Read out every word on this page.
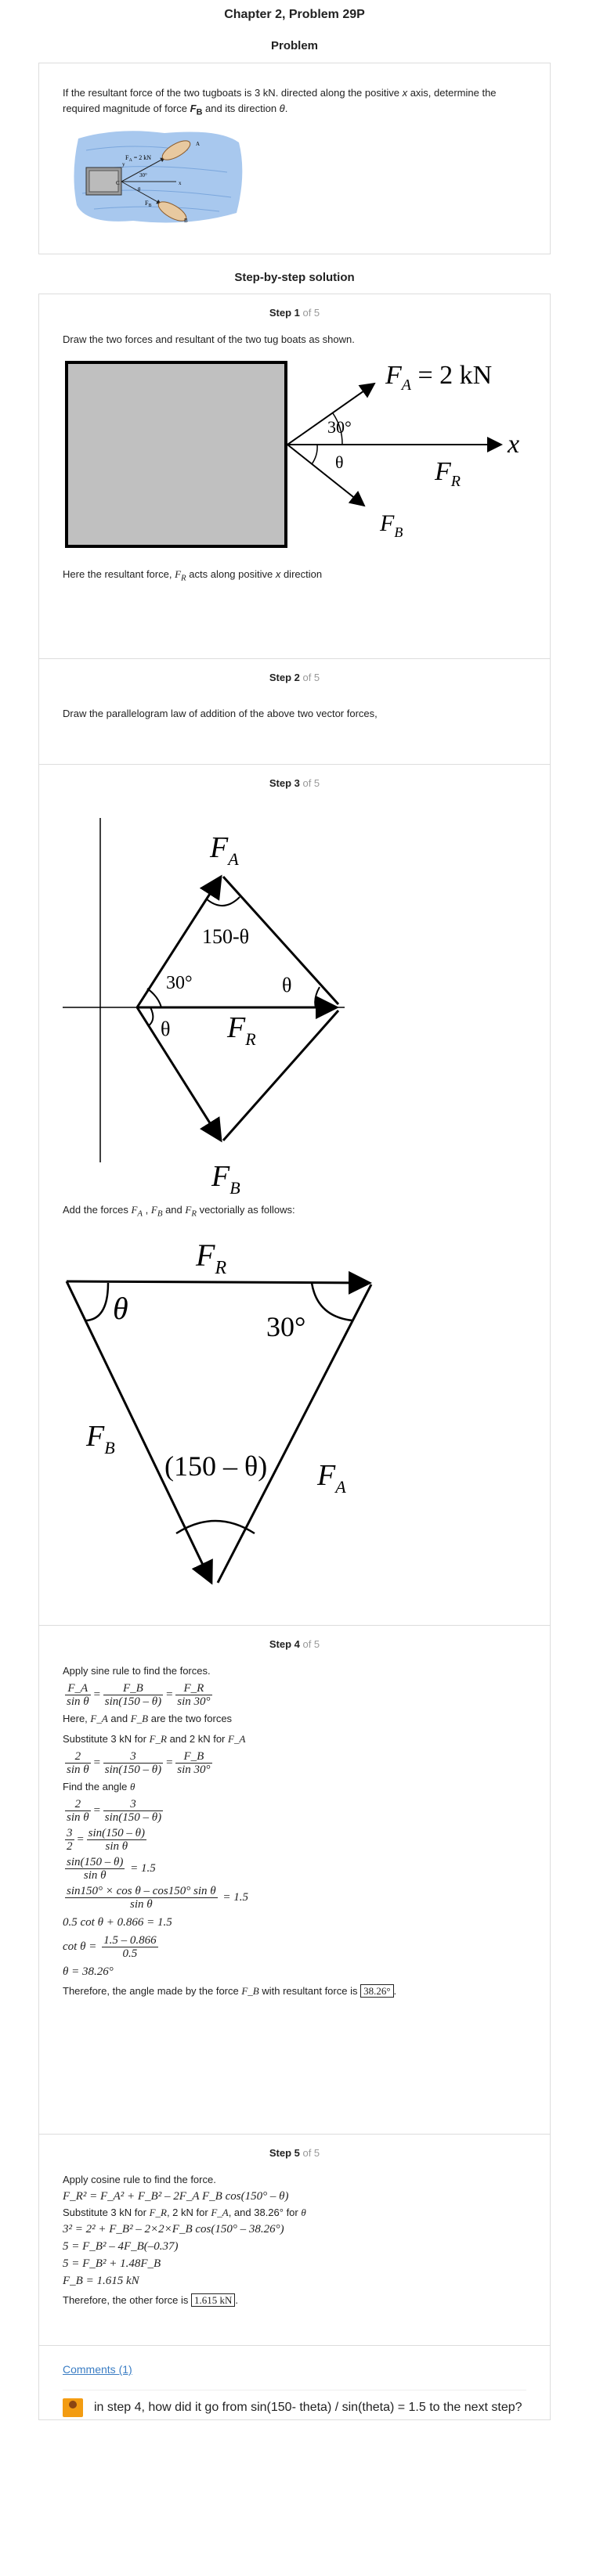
Chapter 2, Problem 29P
Problem

If the resultant force of the two tugboats is 3 kN. directed along the positive x axis, determine the required magnitude of force $F_B$ and its direction θ.

$F_A = 2$ kN
30°
θ
$F_B$
C
A
B
x
y
Step-by-step solution
Step 1 of 5
Draw the two forces and resultant of the two tug boats as shown.
$F_A = 2$ kN
30°
θ
x
$F_R$
$F_B$
Here the resultant force, $F_R$ acts along positive x direction
Step 2 of 5
Draw the parallelogram law of addition of the above two vector forces,
Step 3 of 5
$F_A$
150-θ
30°	θ
θ $F_R$
$F_B$
Add the forces $F_A$ , $F_B$ and $F_R$ vectorially as follows:
$F_R$
θ
30°
$F_B$
(150 – θ) $F_A$
Step 4 of 5
Apply sine rule to find the forces.
$\frac{F\_A}{\text{sin θ}} = \frac{F\_B}{\sin(150 - \theta)} = \frac{F\_R}{\sin 30^\circ}$
Here, F_A and F_B are the two forces
Substitute 3 kN for F_R and 2 kN for F_A
$\frac{2}{\text{sin θ}} = \frac{3}{\sin(150 - \theta)} = \frac{F\_B}{\sin 30^\circ}$
Find the angle θ
$\frac{2}{\text{sin θ}} = \frac{3}{\sin(150 - \theta)}$
$\frac{3}{2} = \frac{\sin(150 - \theta)}{\text{sin θ}}$
$\frac{\sin(150 - \theta)}{\text{sin θ}} = 1.5$
$\frac{\text{sin150° × cos θ – cos150° sin θ}}{\text{sin θ}} = 1.5$
0.5 cot θ + 0.866 = 1.5
$\cot \theta = \frac{1.5 - 0.866}{0.5}$
θ = 38.26°
Therefore, the angle made by the force F_B with resultant force is 38.26° .
Step 5 of 5
Apply cosine rule to find the force.
F_R² = F_A² + F_B² – 2F_A F_B cos(150° – θ)
Substitute 3 kN for F_R, 2 kN for F_A, and 38.26° for θ
3² = 2² + F_B² – 2×2×F_B cos(150° – 38.26°)
5 = F_B² – 4F_B(–0.37)
5 = F_B² + 1.48F_B
F_B = 1.615 kN
Therefore, the other force is 1.615 kN .
Comments (1)
in step 4, how did it go from sin(150- theta) / sin(theta) = 1.5 to the next step?
